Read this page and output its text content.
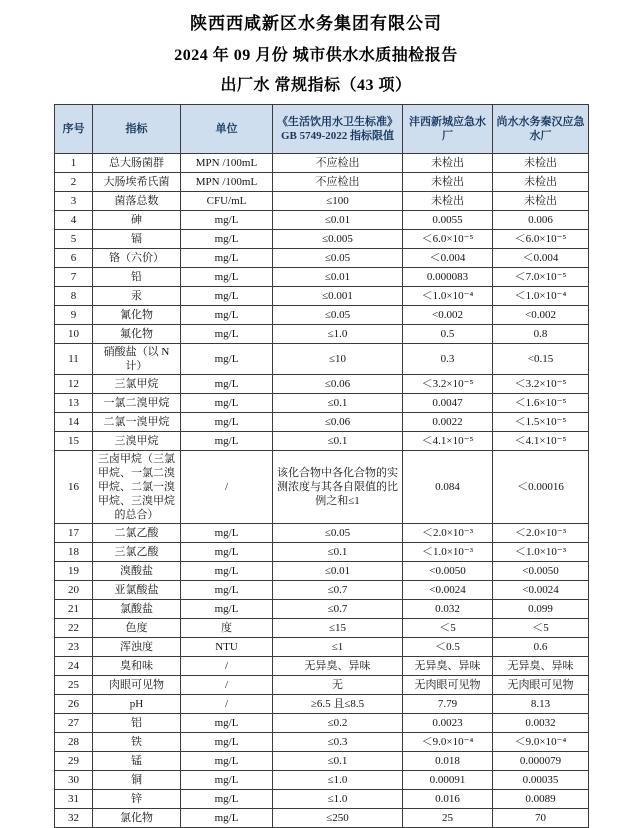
陕西西咸新区水务集团有限公司
2024 年 09 月份 城市供水水质抽检报告
出厂水 常规指标（43 项）
序号	指标	单位	《生活饮用水卫生标准》GB 5749-2022 指标限值	沣西新城应急水厂	尚水水务秦汉应急水厂
1	总大肠菌群	MPN /100mL	不应检出	未检出	未检出
2	大肠埃希氏菌	MPN /100mL	不应检出	未检出	未检出
3	菌落总数	CFU/mL	≤100	未检出	未检出
4	砷	mg/L	≤0.01	0.0055	0.006
5	镉	mg/L	≤0.005	＜6.0×10⁻⁵	＜6.0×10⁻⁵
6	铬（六价）	mg/L	≤0.05	＜0.004	＜0.004
7	铅	mg/L	≤0.01	0.000083	＜7.0×10⁻⁵
8	汞	mg/L	≤0.001	＜1.0×10⁻⁴	＜1.0×10⁻⁴
9	氰化物	mg/L	≤0.05	<0.002	<0.002
10	氟化物	mg/L	≤1.0	0.5	0.8
11	硝酸盐（以 N 计）	mg/L	≤10	0.3	<0.15
12	三氯甲烷	mg/L	≤0.06	＜3.2×10⁻⁵	＜3.2×10⁻⁵
13	一氯二溴甲烷	mg/L	≤0.1	0.0047	＜1.6×10⁻⁵
14	二氯一溴甲烷	mg/L	≤0.06	0.0022	＜1.5×10⁻⁵
15	三溴甲烷	mg/L	≤0.1	＜4.1×10⁻⁵	＜4.1×10⁻⁵
16	三卤甲烷（三氯甲烷、一氯二溴甲烷、二氯一溴甲烷、三溴甲烷的总合）	/	该化合物中各化合物的实测浓度与其各自限值的比例之和≤1	0.084	＜0.00016
17	二氯乙酸	mg/L	≤0.05	＜2.0×10⁻³	＜2.0×10⁻³
18	三氯乙酸	mg/L	≤0.1	＜1.0×10⁻³	＜1.0×10⁻³
19	溴酸盐	mg/L	≤0.01	<0.0050	<0.0050
20	亚氯酸盐	mg/L	≤0.7	<0.0024	<0.0024
21	氯酸盐	mg/L	≤0.7	0.032	0.099
22	色度	度	≤15	＜5	＜5
23	浑浊度	NTU	≤1	＜0.5	0.6
24	臭和味	/	无异臭、异味	无异臭、异味	无异臭、异味
25	肉眼可见物	/	无	无肉眼可见物	无肉眼可见物
26	pH	/	≥6.5 且≤8.5	7.79	8.13
27	铝	mg/L	≤0.2	0.0023	0.0032
28	铁	mg/L	≤0.3	＜9.0×10⁻⁴	＜9.0×10⁻⁴
29	锰	mg/L	≤0.1	0.018	0.000079
30	铜	mg/L	≤1.0	0.00091	0.00035
31	锌	mg/L	≤1.0	0.016	0.0089
32	氯化物	mg/L	≤250	25	70
